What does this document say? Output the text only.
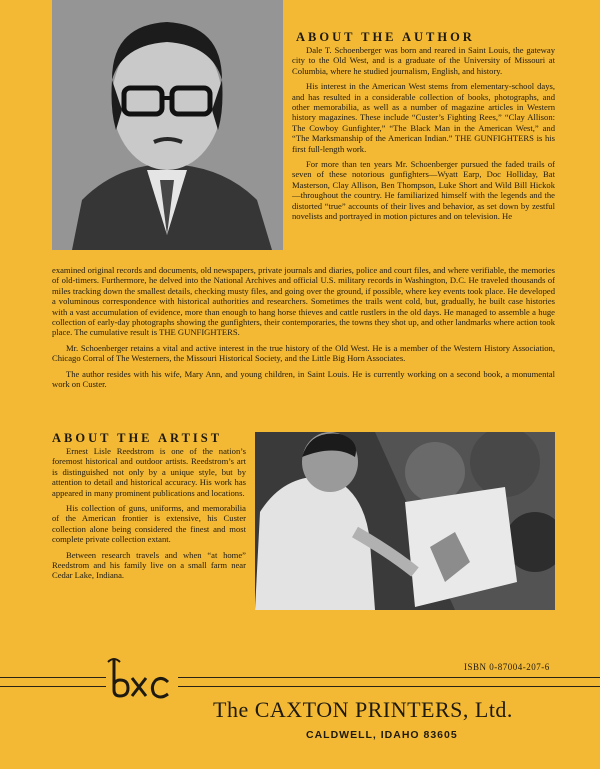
ABOUT THE AUTHOR

Dale T. Schoenberger was born and reared in Saint Louis, the gateway city to the Old West, and is a graduate of the University of Missouri at Columbia, where he studied journalism, English, and history.

His interest in the American West stems from elementary-school days, and has resulted in a considerable collection of books, photographs, and other memorabilia, as well as a number of magazine articles in Western history magazines. These include “Custer’s Fighting Rees,” “Clay Allison: The Cowboy Gunfighter,” “The Black Man in the American West,” and “The Marksmanship of the American Indian.” THE GUNFIGHTERS is his first full-length work.

For more than ten years Mr. Schoenberger pursued the faded trails of seven of these notorious gunfighters—Wyatt Earp, Doc Holliday, Bat Masterson, Clay Allison, Ben Thompson, Luke Short and Wild Bill Hickok—throughout the country. He familiarized himself with the legends and the distorted “true” accounts of their lives and behavior, as set down by zestful novelists and portrayed in motion pictures and on television. He

examined original records and documents, old newspapers, private journals and diaries, police and court files, and where verifiable, the memories of old-timers. Furthermore, he delved into the National Archives and official U.S. military records in Washington, D.C. He traveled thousands of miles tracking down the smallest details, checking musty files, and going over the ground, if possible, where key events took place. He developed a voluminous correspondence with historical authorities and researchers. Sometimes the trails went cold, but, gradually, he built case histories with a vast accumulation of evidence, more than enough to hang horse thieves and cattle rustlers in the old days. He managed to assemble a huge collection of early-day photographs showing the gunfighters, their contemporaries, the towns they shot up, and other landmarks where action took place. The cumulative result is THE GUNFIGHTERS.

Mr. Schoenberger retains a vital and active interest in the true history of the Old West. He is a member of the Western History Association, Chicago Corral of The Westerners, the Missouri Historical Society, and the Little Big Horn Associates.

The author resides with his wife, Mary Ann, and young children, in Saint Louis. He is currently working on a second book, a monumental work on Custer.

ABOUT THE ARTIST

Ernest Lisle Reedstrom is one of the nation’s foremost historical and outdoor artists. Reedstrom’s art is distinguished not only by a unique style, but by attention to detail and historical accuracy. His work has appeared in many prominent publications and locations.

His collection of guns, uniforms, and memorabilia of the American frontier is extensive, his Custer collection alone being considered the finest and most complete private collection extant.

Between research travels and when “at home” Reedstrom and his family live on a small farm near Cedar Lake, Indiana.

ISBN 0-87004-207-6
The CAXTON PRINTERS, Ltd.
CALDWELL, IDAHO 83605
